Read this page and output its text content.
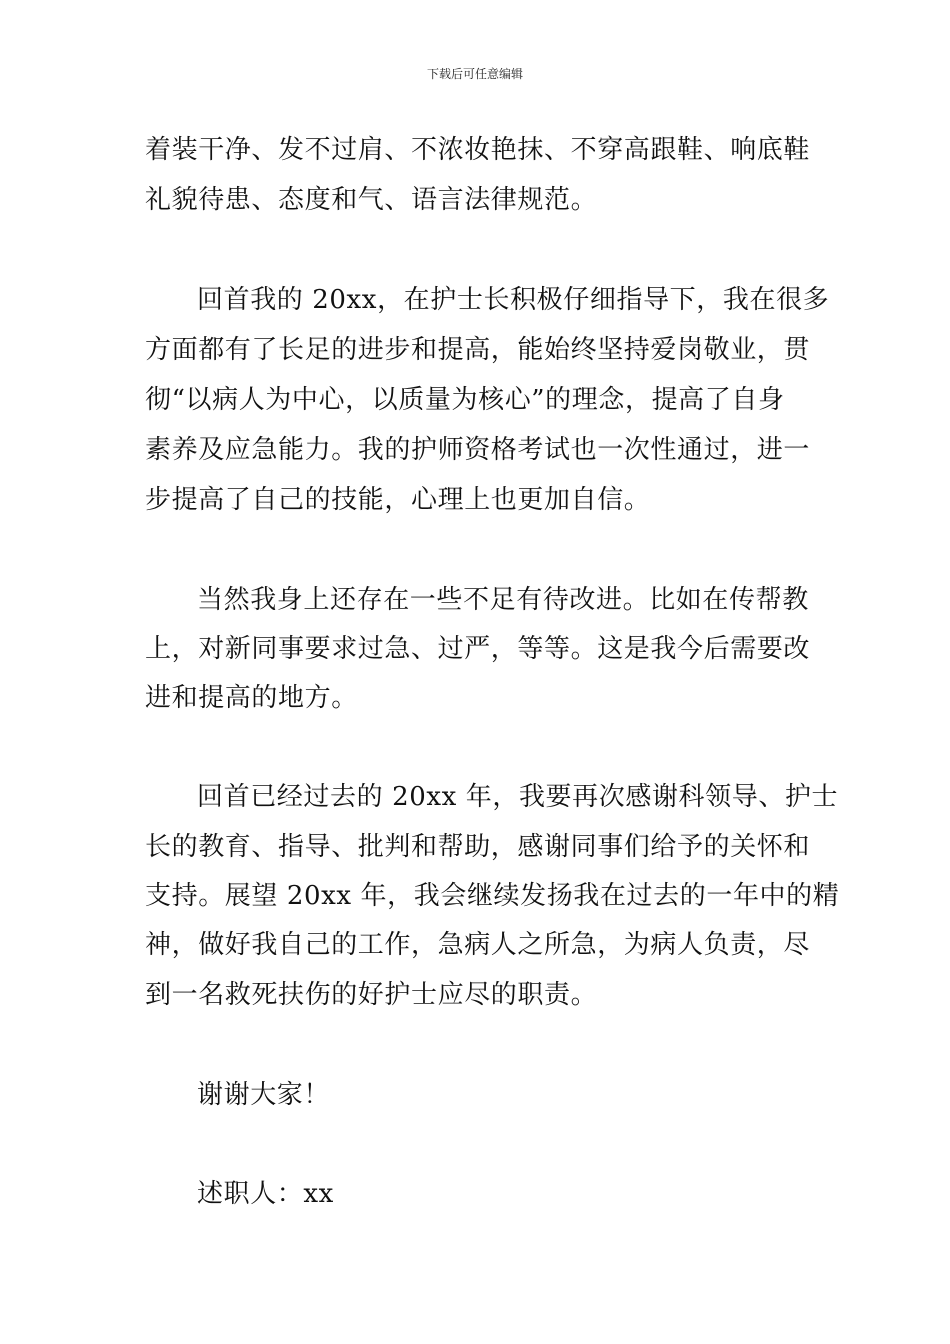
下载后可任意编辑
着装干净、发不过肩、不浓妆艳抹、不穿高跟鞋、响底鞋
礼貌待患、态度和气、语言法律规范。
回首我的 20xx，在护士长积极仔细指导下，我在很多
方面都有了长足的进步和提高，能始终坚持爱岗敬业，贯
彻“以病人为中心，以质量为核心”的理念，提高了自身
素养及应急能力。我的护师资格考试也一次性通过，进一
步提高了自己的技能，心理上也更加自信。
当然我身上还存在一些不足有待改进。比如在传帮教
上，对新同事要求过急、过严，等等。这是我今后需要改
进和提高的地方。
回首已经过去的 20xx 年，我要再次感谢科领导、护士
长的教育、指导、批判和帮助，感谢同事们给予的关怀和
支持。展望 20xx 年，我会继续发扬我在过去的一年中的精
神，做好我自己的工作，急病人之所急，为病人负责，尽
到一名救死扶伤的好护士应尽的职责。
谢谢大家！
述职人：xx
